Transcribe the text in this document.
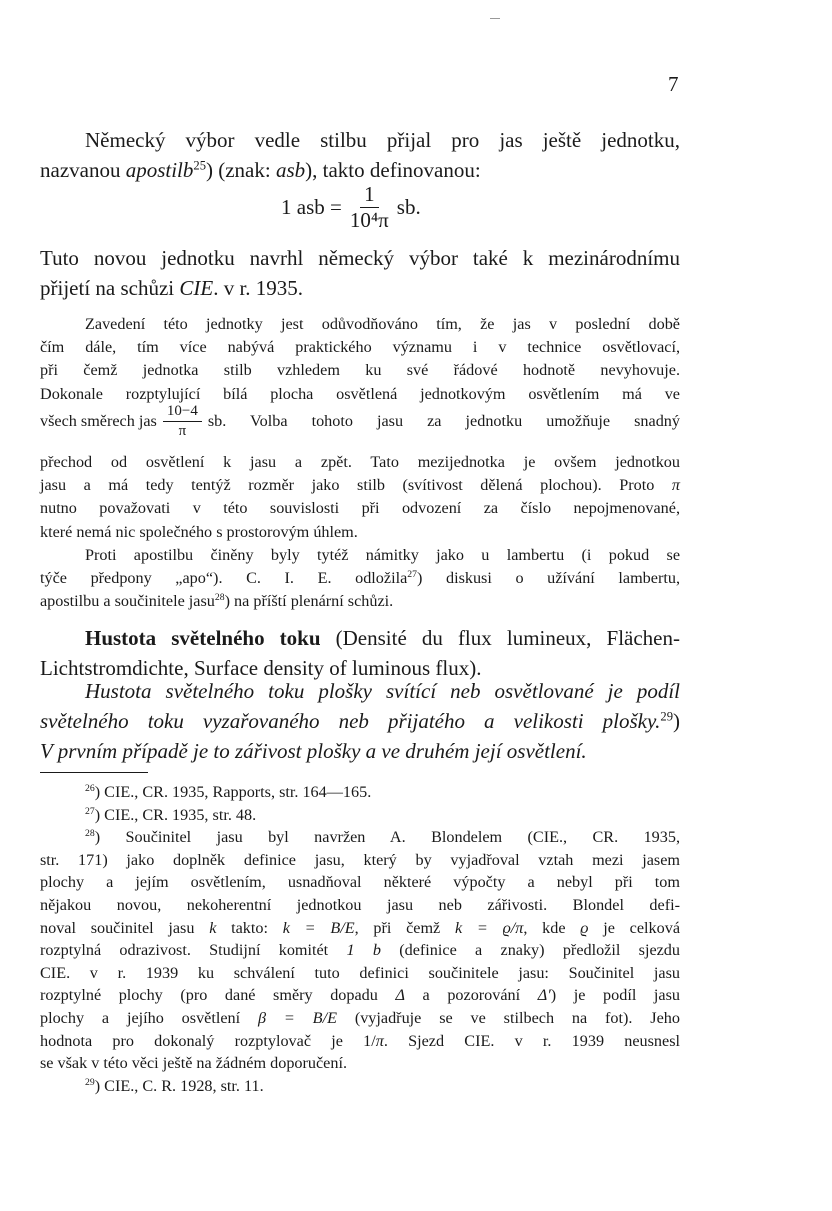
7
Německý výbor vedle stilbu přijal pro jas ještě jednotku,
nazvanou apostilb$^{25}$) (znak: asb), takto definovanou:
1 asb = $\frac{1}{\text{10⁴π}}$ sb.
Tuto novou jednotku navrhl německý výbor také k mezinárodnímu
přijetí na schůzi CIE. v r. 1935.
Zavedení této jednotky jest odůvodňováno tím, že jas v poslední době
čím dále, tím více nabývá praktického významu i v technice osvětlovací,
při čemž jednotka stilb vzhledem ku své řádové hodnotě nevyhovuje.
Dokonale rozptylující bílá plocha osvětlená jednotkovým osvětlením má ve
všech směrech jas $\frac{10-4}{\pi}$ sb. Volba tohoto jasu za jednotku umožňuje snadný
přechod od osvětlení k jasu a zpět. Tato mezijednotka je ovšem jednotkou
jasu a má tedy tentýž rozměr jako stilb (svítivost dělená plochou). Proto π
nutno považovati v této souvislosti při odvození za číslo nepojmenované,
které nemá nic společného s prostorovým úhlem.
Proti apostilbu činěny byly tytéž námitky jako u lambertu (i pokud se
týče předpony „apo“). C. I. E. odložila$^{27}$) diskusi o užívání lambertu,
apostilbu a součinitele jasu$^{28}$) na příští plenární schůzi.
Hustota světelného toku (Densité du flux lumineux, Flächen-
Lichtstromdichte, Surface density of luminous flux).
Hustota světelného toku plošky svítící neb osvětlované je podíl
světelného toku vyzařovaného neb přijatého a velikosti plošky.$^{29}$)
V prvním případě je to zářivost plošky a ve druhém její osvětlení.
$^{26}$) CIE., CR. 1935, Rapports, str. 164—165.
$^{27}$) CIE., CR. 1935, str. 48.
$^{28}$) Součinitel jasu byl navržen A. Blondelem (CIE., CR. 1935,
str. 171) jako doplněk definice jasu, který by vyjadřoval vztah mezi jasem
plochy a jejím osvětlením, usnadňoval některé výpočty a nebyl při tom
nějakou novou, nekoherentní jednotkou jasu neb zářivosti. Blondel defi-
noval součinitel jasu k takto: k = B/E, při čemž k = ϱ/π, kde ϱ je celková
rozptylná odrazivost. Studijní komitét 1 b (definice a znaky) předložil sjezdu
CIE. v r. 1939 ku schválení tuto definici součinitele jasu: Součinitel jasu
rozptylné plochy (pro dané směry dopadu Δ a pozorování Δ′) je podíl jasu
plochy a jejího osvětlení β = B/E (vyjadřuje se ve stilbech na fot). Jeho
hodnota pro dokonalý rozptylovač je 1/π. Sjezd CIE. v r. 1939 neusnesl
se však v této věci ještě na žádném doporučení.
$^{29}$) CIE., C. R. 1928, str. 11.
